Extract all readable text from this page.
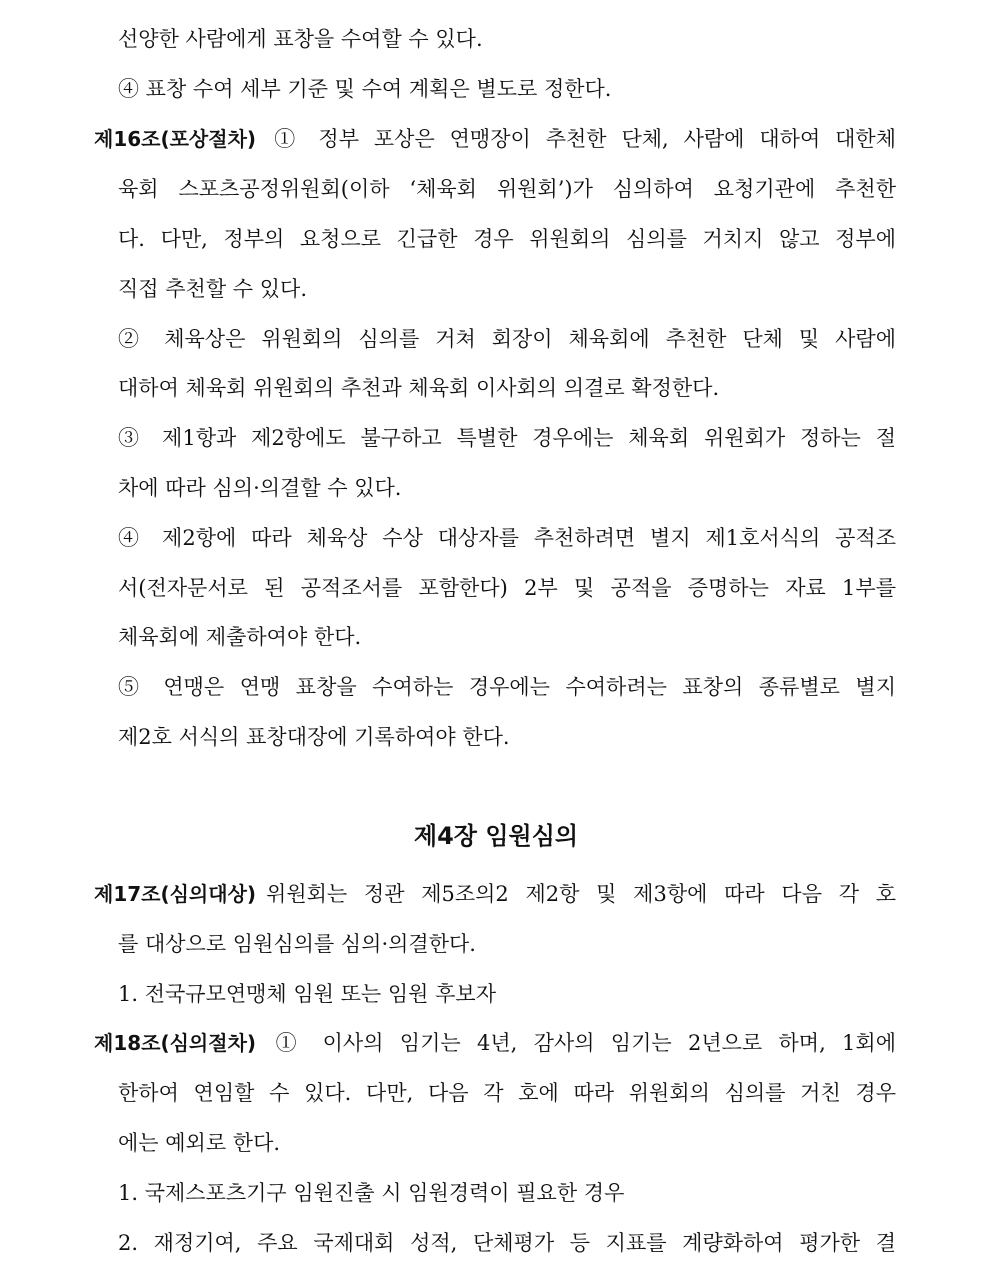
선양한 사람에게 표창을 수여할 수 있다.
④ 표창 수여 세부 기준 및 수여 계획은 별도로 정한다.
제16조(포상절차) ① 정부 포상은 연맹장이 추천한 단체, 사람에 대하여 대한체
육회 스포츠공정위원회(이하 ‘체육회 위원회’)가 심의하여 요청기관에 추천한
다. 다만, 정부의 요청으로 긴급한 경우 위원회의 심의를 거치지 않고 정부에
직접 추천할 수 있다.
② 체육상은 위원회의 심의를 거쳐 회장이 체육회에 추천한 단체 및 사람에
대하여 체육회 위원회의 추천과 체육회 이사회의 의결로 확정한다.
③ 제1항과 제2항에도 불구하고 특별한 경우에는 체육회 위원회가 정하는 절
차에 따라 심의·의결할 수 있다.
④ 제2항에 따라 체육상 수상 대상자를 추천하려면 별지 제1호서식의 공적조
서(전자문서로 된 공적조서를 포함한다) 2부 및 공적을 증명하는 자료 1부를
체육회에 제출하여야 한다.
⑤ 연맹은 연맹 표창을 수여하는 경우에는 수여하려는 표창의 종류별로 별지
제2호 서식의 표창대장에 기록하여야 한다.
제4장 임원심의
제17조(심의대상) 위원회는 정관 제5조의2 제2항 및 제3항에 따라 다음 각 호
를 대상으로 임원심의를 심의·의결한다.
1. 전국규모연맹체 임원 또는 임원 후보자
제18조(심의절차) ① 이사의 임기는 4년, 감사의 임기는 2년으로 하며, 1회에
한하여 연임할 수 있다. 다만, 다음 각 호에 따라 위원회의 심의를 거친 경우
에는 예외로 한다.
1. 국제스포츠기구 임원진출 시 임원경력이 필요한 경우
2. 재정기여, 주요 국제대회 성적, 단체평가 등 지표를 계량화하여 평가한 결
